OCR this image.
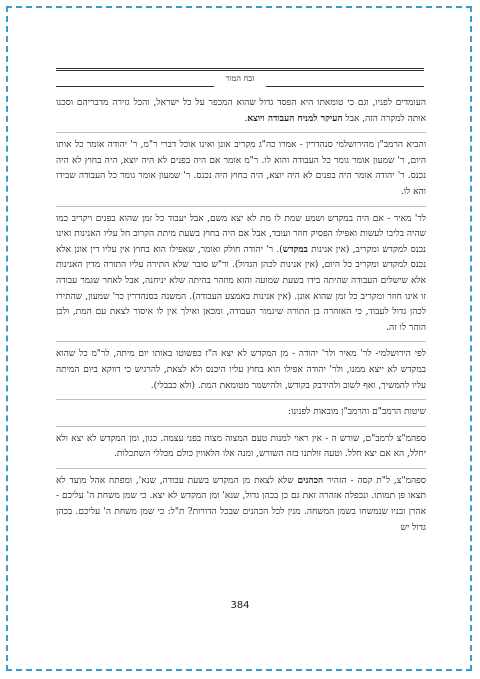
זבח המור

העומדים לפניו, וגם כי טומאתו היא הפסד גדול שהוא המכפר על כל ישראל, והכל גזירה מדבריהם וסכנו אותה למקרה הזה, אבל העיקר למניח העבודה ויוצא.

והביא הרמב"ן מהירושלמי סנהדרין - אמרו כה"ג מקריב אונן ואינו אוכל דברי ר"מ, ר' יהודה אומר כל אותו היום, ר' שמעון אומר גומר כל העבודה והוא לו. ר"מ אומר אם היה בפנים לא היה יוצא, היה בחוץ לא היה נכנס. ר' יהודה אומר היה בפנים לא היה יוצא, היה בחוץ היה נכנס. ר' שמעון אומר גומר כל העבודה שבידו והא לו.

לר' מאיר - אם היה במקדש ושמע שמת לו מת לא יצא משם, אבל יעבוד כל זמן שהוא בפנים ויקריב כמו שהיה בליבו לעשות ואפילו הפסיק חוזר ועובד, אבל אם היה בחוץ בשעת מיתת הקרוב חל עליו האנינות ואינו נכנס למקדש ומקריב, (אין אנינות במקדש). ר' יהודה חולק ואומר, שאפילו הוא בחוץ אין עליו דין אונן אלא נכנס למקדש ומקריב כל היום, (אין אנינות לכהן הגדול). ור"ש סובר שלא התירה עליו התורה מדין האנינות אלא שישלים העבודה שהיתה בידו בשעת שמועה והוא מוזהר בהיתה שלא יניחנה, אבל לאחר שגמר עבודה זו אינו חוזר ומקריב כל זמן שהוא אונן. (אין אנינות באמצע העבודה). המשנה בסנהדרין כר' שמעון, שהתירו לכהן גדול לעבוד, כי האזהרה בן התורה שיגמור העבודה, ומכאן ואילך אין לו איסור לצאת עם המת, ולכן הוהר לו זה.

לפי הירושלמי- לר' מאיר ולר' יהודה - מן המקדש לא יצא ה"ז כפשוטו באותו יום מיתה, לר"מ כל שהוא במקדש לא ייצא ממנו, ולר' יהודה אפילו הוא בחוץ עליו היכנס ולא לצאת, להרגיש כי דווקא ביום המיתה עליו להמשיך, ואף לשוב ולהידבק בקודש, ולהישמר מטומאת המת. (ולא כבבלי).

שיטות הרמב"ם והרמב"ן מובאות לפנינו:

ספהמ"צ לרמב"ם, שורש ה - אין ראוי למנות טעם המצוה מצוה בפני עצמה. כגון, ומן המקדש לא יצא ולא יחלל, הא אם יצא חלל. וטעה זולתנו בזה השורש, ומנה אלו הלאווין כולם מכללי השתכלות.

ספהמ"צ, ל"ת קסה - הזהיר הכהנים שלא לצאת מן המקדש בשעת עבודה, שנא', ומפתח אהל מועד לא תצאו פן תמותו. ונכפלה אזהרה זאת גם כן בכהן גדול, שנא' ומן המקדש לא יצא. כי שמן משחת ה' עליכם - אהרן ובניו שנמשחו בשמן המשחה. מנין לכל הכהנים שבכל הדורות? ת"ל: כי שמן משחת ה' עליכם. בכהן גדול יש

384
